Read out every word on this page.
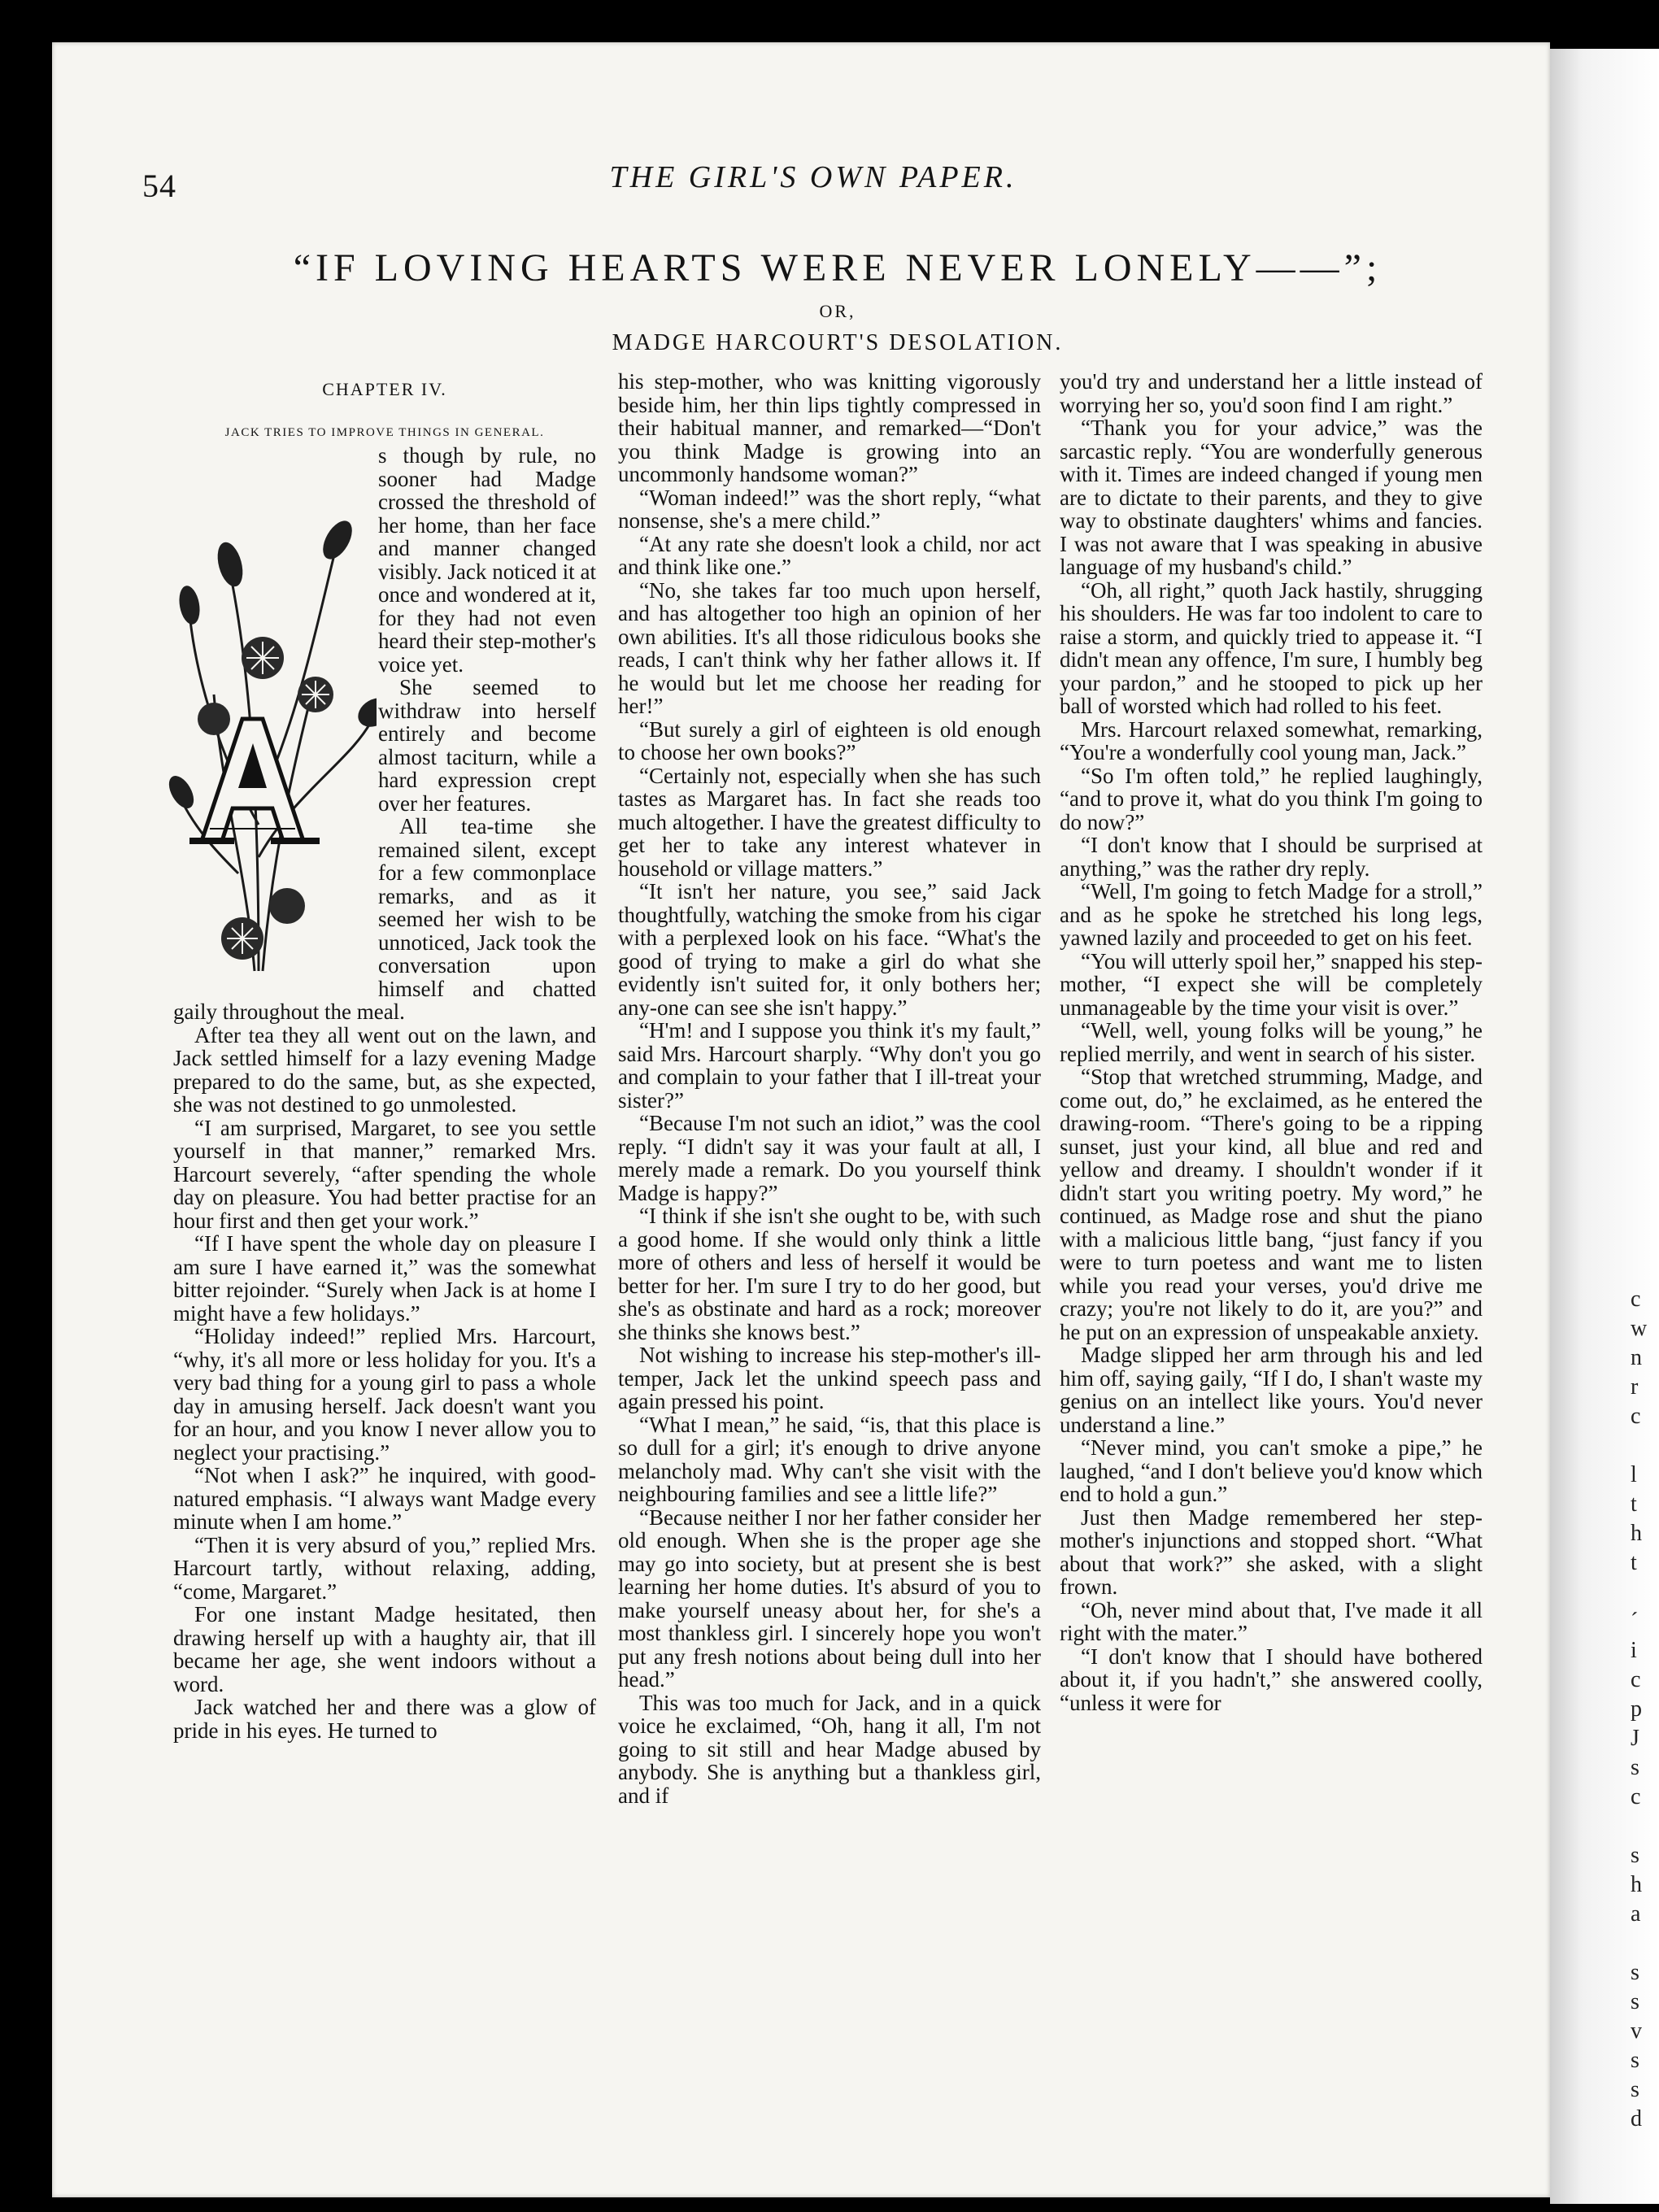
c
w
n
r
c

l
t
h
t

´
i
c
p
J
s
c

s
h
a

s
s
v
s
s
d
54	THE GIRL'S OWN PAPER.
“IF LOVING HEARTS WERE NEVER LONELY——”;
OR,
MADGE HARCOURT'S DESOLATION.
CHAPTER IV.
JACK TRIES TO IMPROVE THINGS IN GENERAL.

s though by rule, no sooner had Madge crossed the threshold of her home, than her face and manner changed visibly. Jack noticed it at once and wondered at it, for they had not even heard their step-mother's voice yet.

She seemed to withdraw into herself entirely and become almost taciturn, while a hard expression crept over her features.

All tea-time she remained silent, except for a few commonplace remarks, and as it seemed her wish to be unnoticed, Jack took the conversation upon himself and chatted gaily throughout the meal.

After tea they all went out on the lawn, and Jack settled himself for a lazy evening Madge prepared to do the same, but, as she expected, she was not destined to go unmolested.

“I am surprised, Margaret, to see you settle yourself in that manner,” remarked Mrs. Harcourt severely, “after spending the whole day on pleasure. You had better practise for an hour first and then get your work.”

“If I have spent the whole day on pleasure I am sure I have earned it,” was the somewhat bitter rejoinder. “Surely when Jack is at home I might have a few holidays.”

“Holiday indeed!” replied Mrs. Harcourt, “why, it's all more or less holiday for you. It's a very bad thing for a young girl to pass a whole day in amusing herself. Jack doesn't want you for an hour, and you know I never allow you to neglect your practising.”

“Not when I ask?” he inquired, with good-natured emphasis. “I always want Madge every minute when I am home.”

“Then it is very absurd of you,” replied Mrs. Harcourt tartly, without relaxing, adding, “come, Margaret.”

For one instant Madge hesitated, then drawing herself up with a haughty air, that ill became her age, she went indoors without a word.

Jack watched her and there was a glow of pride in his eyes. He turned to

his step-mother, who was knitting vigorously beside him, her thin lips tightly compressed in their habitual manner, and remarked—“Don't you think Madge is growing into an uncommonly handsome woman?”

“Woman indeed!” was the short reply, “what nonsense, she's a mere child.”

“At any rate she doesn't look a child, nor act and think like one.”

“No, she takes far too much upon herself, and has altogether too high an opinion of her own abilities. It's all those ridiculous books she reads, I can't think why her father allows it. If he would but let me choose her reading for her!”

“But surely a girl of eighteen is old enough to choose her own books?”

“Certainly not, especially when she has such tastes as Margaret has. In fact she reads too much altogether. I have the greatest difficulty to get her to take any interest whatever in household or village matters.”

“It isn't her nature, you see,” said Jack thoughtfully, watching the smoke from his cigar with a perplexed look on his face. “What's the good of trying to make a girl do what she evidently isn't suited for, it only bothers her; any-one can see she isn't happy.”

“H'm! and I suppose you think it's my fault,” said Mrs. Harcourt sharply. “Why don't you go and complain to your father that I ill-treat your sister?”

“Because I'm not such an idiot,” was the cool reply. “I didn't say it was your fault at all, I merely made a remark. Do you yourself think Madge is happy?”

“I think if she isn't she ought to be, with such a good home. If she would only think a little more of others and less of herself it would be better for her. I'm sure I try to do her good, but she's as obstinate and hard as a rock; moreover she thinks she knows best.”

Not wishing to increase his step-mother's ill-temper, Jack let the unkind speech pass and again pressed his point.

“What I mean,” he said, “is, that this place is so dull for a girl; it's enough to drive anyone melancholy mad. Why can't she visit with the neighbouring families and see a little life?”

“Because neither I nor her father consider her old enough. When she is the proper age she may go into society, but at present she is best learning her home duties. It's absurd of you to make yourself uneasy about her, for she's a most thankless girl. I sincerely hope you won't put any fresh notions about being dull into her head.”

This was too much for Jack, and in a quick voice he exclaimed, “Oh, hang it all, I'm not going to sit still and hear Madge abused by anybody. She is anything but a thankless girl, and if

you'd try and understand her a little instead of worrying her so, you'd soon find I am right.”

“Thank you for your advice,” was the sarcastic reply. “You are wonderfully generous with it. Times are indeed changed if young men are to dictate to their parents, and they to give way to obstinate daughters' whims and fancies. I was not aware that I was speaking in abusive language of my husband's child.”

“Oh, all right,” quoth Jack hastily, shrugging his shoulders. He was far too indolent to care to raise a storm, and quickly tried to appease it. “I didn't mean any offence, I'm sure, I humbly beg your pardon,” and he stooped to pick up her ball of worsted which had rolled to his feet.

Mrs. Harcourt relaxed somewhat, remarking, “You're a wonderfully cool young man, Jack.”

“So I'm often told,” he replied laughingly, “and to prove it, what do you think I'm going to do now?”

“I don't know that I should be surprised at anything,” was the rather dry reply.

“Well, I'm going to fetch Madge for a stroll,” and as he spoke he stretched his long legs, yawned lazily and proceeded to get on his feet.

“You will utterly spoil her,” snapped his step-mother, “I expect she will be completely unmanageable by the time your visit is over.”

“Well, well, young folks will be young,” he replied merrily, and went in search of his sister.

“Stop that wretched strumming, Madge, and come out, do,” he exclaimed, as he entered the drawing-room. “There's going to be a ripping sunset, just your kind, all blue and red and yellow and dreamy. I shouldn't wonder if it didn't start you writing poetry. My word,” he continued, as Madge rose and shut the piano with a malicious little bang, “just fancy if you were to turn poetess and want me to listen while you read your verses, you'd drive me crazy; you're not likely to do it, are you?” and he put on an expression of unspeakable anxiety.

Madge slipped her arm through his and led him off, saying gaily, “If I do, I shan't waste my genius on an intellect like yours. You'd never understand a line.”

“Never mind, you can't smoke a pipe,” he laughed, “and I don't believe you'd know which end to hold a gun.”

Just then Madge remembered her step-mother's injunctions and stopped short. “What about that work?” she asked, with a slight frown.

“Oh, never mind about that, I've made it all right with the mater.”

“I don't know that I should have bothered about it, if you hadn't,” she answered coolly, “unless it were for
